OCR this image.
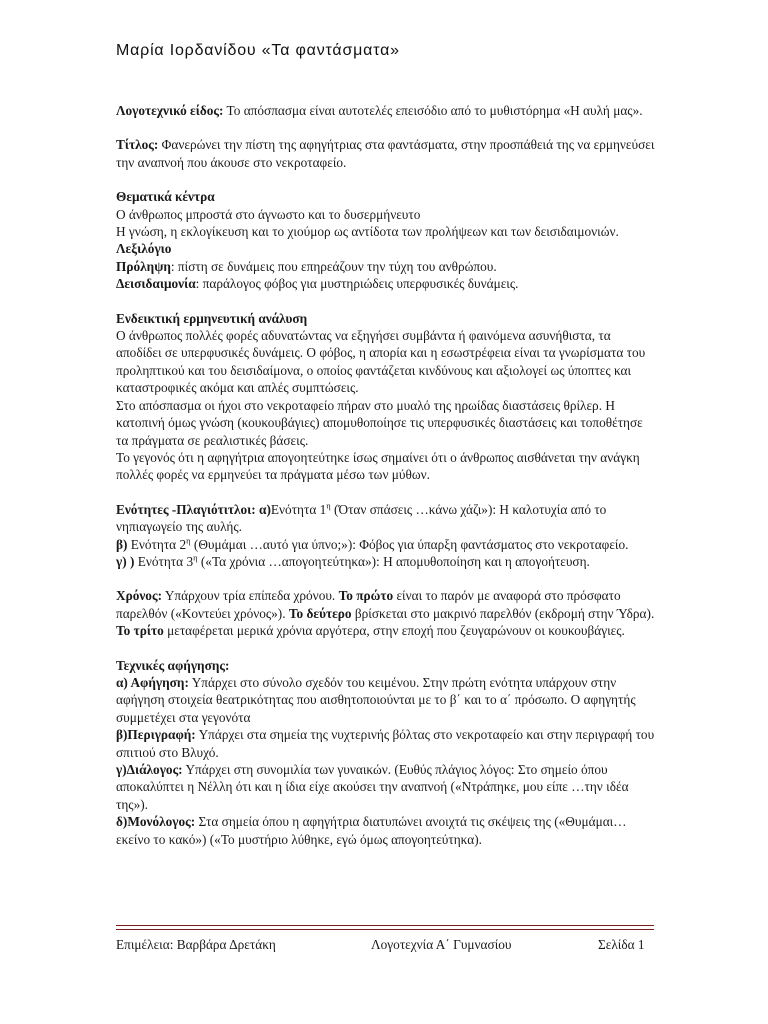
Μαρία Ιορδανίδου «Τα φαντάσματα»

Λογοτεχνικό είδος: Το απόσπασμα είναι αυτοτελές επεισόδιο από το μυθιστόρημα «Η αυλή μας».

Τίτλος: Φανερώνει την πίστη της αφηγήτριας στα φαντάσματα, στην προσπάθειά της να ερμηνεύσει την αναπνοή που άκουσε στο νεκροταφείο.

Θεματικά κέντρα

Ο άνθρωπος μπροστά στο άγνωστο και το δυσερμήνευτο

Η γνώση, η εκλογίκευση και το χιούμορ ως αντίδοτα των προλήψεων και των δεισιδαιμονιών.

Λεξιλόγιο

Πρόληψη: πίστη σε δυνάμεις που επηρεάζουν την τύχη του ανθρώπου.

Δεισιδαιμονία: παράλογος φόβος για μυστηριώδεις υπερφυσικές δυνάμεις.

Ενδεικτική ερμηνευτική ανάλυση

Ο άνθρωπος πολλές φορές αδυνατώντας να εξηγήσει συμβάντα ή φαινόμενα ασυνήθιστα, τα αποδίδει σε υπερφυσικές δυνάμεις. Ο φόβος, η απορία και η εσωστρέφεια είναι τα γνωρίσματα του προληπτικού και του δεισιδαίμονα, ο οποίος φαντάζεται κινδύνους και αξιολογεί ως ύποπτες και καταστροφικές ακόμα και απλές συμπτώσεις.

Στο απόσπασμα οι ήχοι στο νεκροταφείο πήραν στο μυαλό της ηρωίδας διαστάσεις θρίλερ. Η κατοπινή όμως γνώση (κουκουβάγιες) απομυθοποίησε τις υπερφυσικές διαστάσεις και τοποθέτησε τα πράγματα σε ρεαλιστικές βάσεις.

Το γεγονός ότι η αφηγήτρια απογοητεύτηκε ίσως σημαίνει ότι ο άνθρωπος αισθάνεται την ανάγκη πολλές φορές να ερμηνεύει τα πράγματα μέσω των μύθων.

Ενότητες -Πλαγιότιτλοι: α)Ενότητα $1^\eta$ (Όταν σπάσεις …κάνω χάζι»): Η καλοτυχία από το νηπιαγωγείο της αυλής.

β) Ενότητα $2^\eta$ (Θυμάμαι …αυτό για ύπνο;»): Φόβος για ύπαρξη φαντάσματος στο νεκροταφείο.

γ) ) Ενότητα $3^\eta$ («Τα χρόνια …απογοητεύτηκα»): Η απομυθοποίηση και η απογοήτευση.

Χρόνος: Υπάρχουν τρία επίπεδα χρόνου. Το πρώτο είναι το παρόν με αναφορά στο πρόσφατο παρελθόν («Κοντεύει χρόνος»). Το δεύτερο βρίσκεται στο μακρινό παρελθόν (εκδρομή στην Ύδρα). Το τρίτο μεταφέρεται μερικά χρόνια αργότερα, στην εποχή που ζευγαρώνουν οι κουκουβάγιες.

Τεχνικές αφήγησης:

α) Αφήγηση: Υπάρχει στο σύνολο σχεδόν του κειμένου. Στην πρώτη ενότητα υπάρχουν στην αφήγηση στοιχεία θεατρικότητας που αισθητοποιούνται με το β΄ και το α΄ πρόσωπο. Ο αφηγητής συμμετέχει στα γεγονότα

β)Περιγραφή: Υπάρχει στα σημεία της νυχτερινής βόλτας στο νεκροταφείο και στην περιγραφή του σπιτιού στο Βλυχό.

γ)Διάλογος: Υπάρχει στη συνομιλία των γυναικών. (Ευθύς πλάγιος λόγος: Στο σημείο όπου αποκαλύπτει η Νέλλη ότι και η ίδια είχε ακούσει την αναπνοή («Ντράπηκε, μου είπε …την ιδέα της»).

δ)Μονόλογος: Στα σημεία όπου η αφηγήτρια διατυπώνει ανοιχτά τις σκέψεις της («Θυμάμαι… εκείνο το κακό») («Το μυστήριο λύθηκε, εγώ όμως απογοητεύτηκα).

Επιμέλεια: Βαρβάρα Δρετάκη	Λογοτεχνία Α΄ Γυμνασίου	Σελίδα 1
